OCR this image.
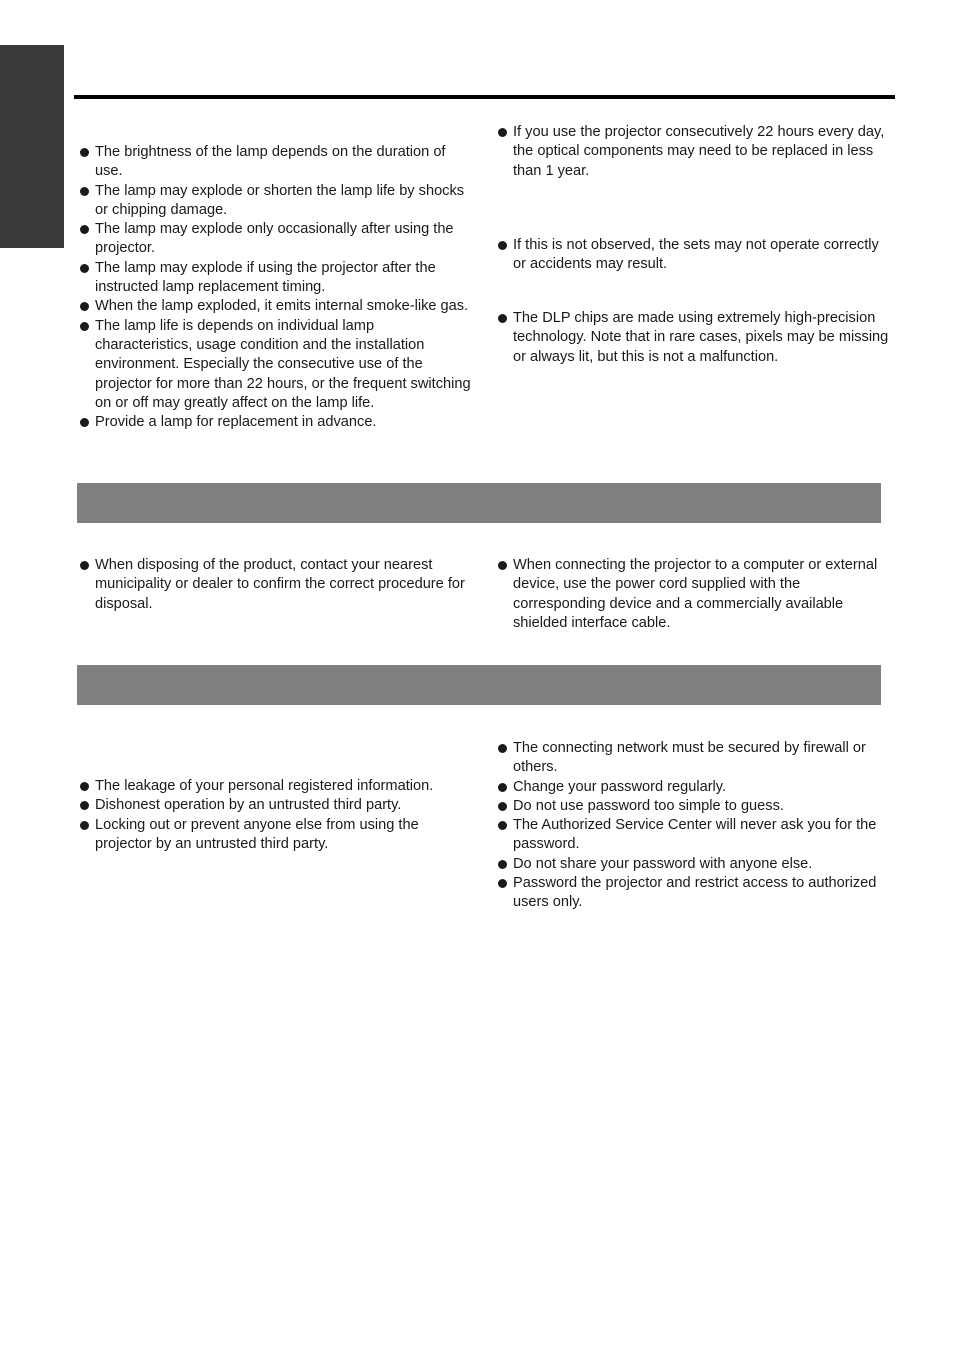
The brightness of the lamp depends on the duration of use.
The lamp may explode or shorten the lamp life by shocks or chipping damage.
The lamp may explode only occasionally after using the projector.
The lamp may explode if using the projector after the instructed lamp replacement timing.
When the lamp exploded, it emits internal smoke-like gas.
The lamp life is depends on individual lamp characteristics, usage condition and the installation environment. Especially the consecutive use of the projector for more than 22 hours, or the frequent switching on or off may greatly affect on the lamp life.
Provide a lamp for replacement in advance.
If you use the projector consecutively 22 hours every day, the optical components may need to be replaced in less than 1 year.
If this is not observed, the sets may not operate correctly or accidents may result.
The DLP chips are made using extremely high-precision technology. Note that in rare cases, pixels may be missing or always lit, but this is not a malfunction.
When disposing of the product, contact your nearest municipality or dealer to confirm the correct procedure for disposal.
When connecting the projector to a computer or external device, use the power cord supplied with the corresponding device and a commercially available shielded interface cable.
The leakage of your personal registered information.
Dishonest operation by an untrusted third party.
Locking out or prevent anyone else from using the projector by an untrusted third party.
The connecting network must be secured by firewall or others.
Change your password regularly.
Do not use password too simple to guess.
The Authorized Service Center will never ask you for the password.
Do not share your password with anyone else.
Password the projector and restrict access to authorized users only.
